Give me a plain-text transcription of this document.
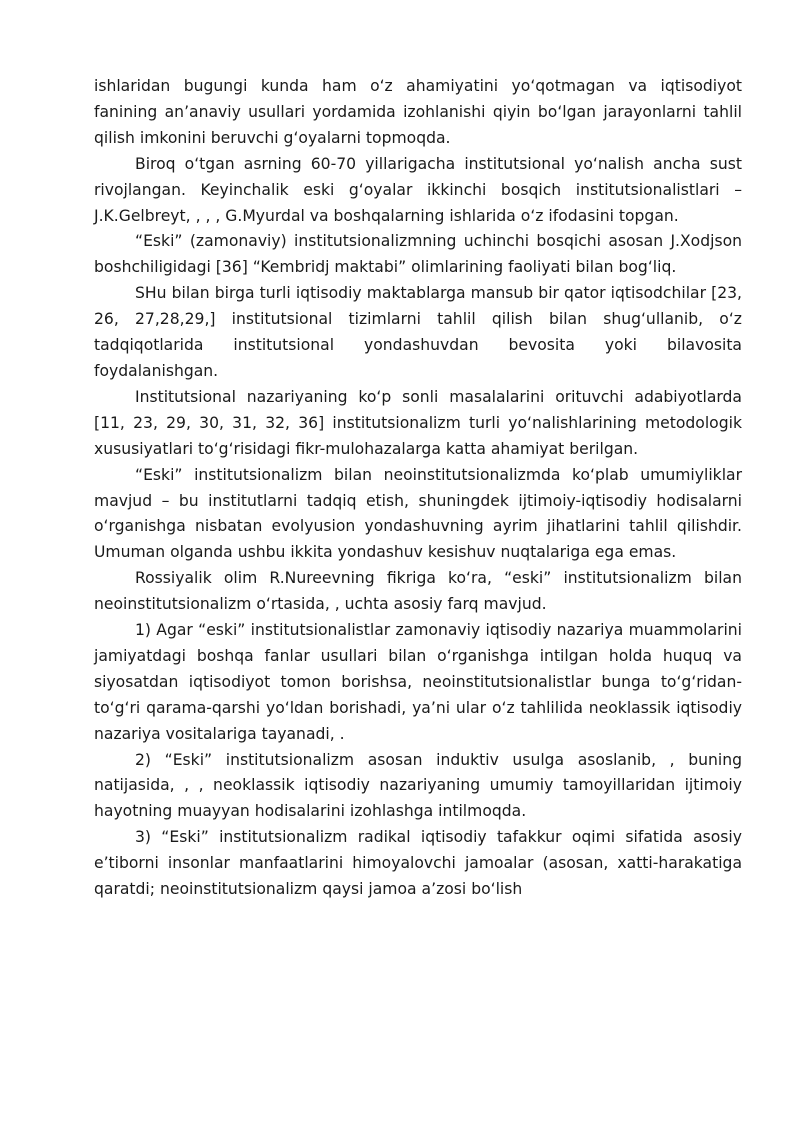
ishlaridan bugungi kunda ham o‘z ahamiyatini yo‘qotmagan va iqtisodiyot fanining an’anaviy usullari yordamida izohlanishi qiyin bo‘lgan jarayonlarni tahlil qilish imkonini beruvchi g‘oyalarni topmoqda.

Biroq o‘tgan asrning 60-70 yillarigacha institutsional yo‘nalish ancha sust rivojlangan. Keyinchalik eski g‘oyalar ikkinchi bosqich institutsionalistlari – J.K.Gelbreyt, , , , G.Myurdal va boshqalarning ishlarida o‘z ifodasini topgan.

“Eski” (zamonaviy) institutsionalizmning uchinchi bosqichi asosan J.Xodjson boshchiligidagi [36] “Kembridj maktabi” olimlarining faoliyati bilan bog‘liq.

SHu bilan birga turli iqtisodiy maktablarga mansub bir qator iqtisodchilar [23, 26, 27,28,29,] institutsional tizimlarni tahlil qilish bilan shug‘ullanib, o‘z tadqiqotlarida institutsional yondashuvdan bevosita yoki bilavosita foydalanishgan.

Institutsional nazariyaning ko‘p sonli masalalarini orituvchi adabiyotlarda [11, 23, 29, 30, 31, 32, 36] institutsionalizm turli yo‘nalishlarining metodologik xususiyatlari to‘g‘risidagi fikr-mulohazalarga katta ahamiyat berilgan.

“Eski” institutsionalizm bilan neoinstitutsionalizmda ko‘plab umumiyliklar mavjud – bu institutlarni tadqiq etish, shuningdek ijtimoiy-iqtisodiy hodisalarni o‘rganishga nisbatan evolyusion yondashuvning ayrim jihatlarini tahlil qilishdir. Umuman olganda ushbu ikkita yondashuv kesishuv nuqtalariga ega emas.

Rossiyalik olim R.Nureevning fikriga ko‘ra, “eski” institutsionalizm bilan neoinstitutsionalizm o‘rtasida, , uchta asosiy farq mavjud.

1) Agar “eski” institutsionalistlar zamonaviy iqtisodiy nazariya muammolarini jamiyatdagi boshqa fanlar usullari bilan o‘rganishga intilgan holda huquq va siyosatdan iqtisodiyot tomon borishsa, neoinstitutsionalistlar bunga to‘g‘ridan-to‘g‘ri qarama-qarshi yo‘ldan borishadi, ya’ni ular o‘z tahlilida neoklassik iqtisodiy nazariya vositalariga tayanadi, .

2) “Eski” institutsionalizm asosan induktiv usulga asoslanib, , buning natijasida, , , neoklassik iqtisodiy nazariyaning umumiy tamoyillaridan ijtimoiy hayotning muayyan hodisalarini izohlashga intilmoqda.

3) “Eski” institutsionalizm radikal iqtisodiy tafakkur oqimi sifatida asosiy e’tiborni insonlar manfaatlarini himoyalovchi jamoalar (asosan, xatti-harakatiga qaratdi; neoinstitutsionalizm qaysi jamoa a’zosi bo‘lish
